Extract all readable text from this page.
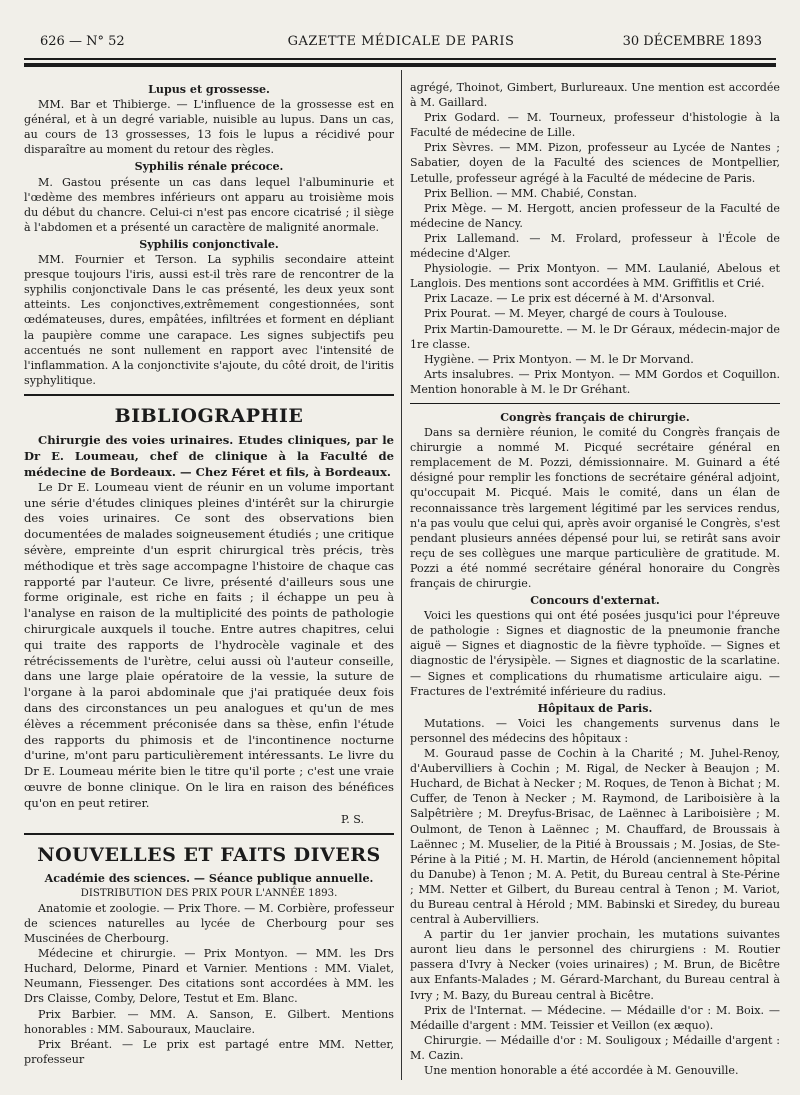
626 — N° 52	GAZETTE MÉDICALE DE PARIS	30 DÉCEMBRE 1893

Lupus et grossesse.

MM. Bar et Thibierge. — L'influence de la grossesse est en général, et à un degré variable, nuisible au lupus. Dans un cas, au cours de 13 grossesses, 13 fois le lupus a récidivé pour disparaître au moment du retour des règles.

Syphilis rénale précoce.

M. Gastou présente un cas dans lequel l'albuminurie et l'œdème des membres inférieurs ont apparu au troisième mois du début du chancre. Celui-ci n'est pas encore cicatrisé ; il siège à l'abdomen et a présenté un caractère de malignité anormale.

Syphilis conjonctivale.

MM. Fournier et Terson. La syphilis secondaire atteint presque toujours l'iris, aussi est-il très rare de rencontrer de la syphilis conjonctivale Dans le cas présenté, les deux yeux sont atteints. Les conjonctives,extrêmement congestionnées, sont œdémateuses, dures, empâtées, infiltrées et forment en dépliant la paupière comme une carapace. Les signes subjectifs peu accentués ne sont nullement en rapport avec l'intensité de l'inflammation. A la conjonctivite s'ajoute, du côté droit, de l'iritis syphylitique.

BIBLIOGRAPHIE

Chirurgie des voies urinaires. Etudes cliniques, par le Dr E. Loumeau, chef de clinique à la Faculté de médecine de Bordeaux. — Chez Féret et fils, à Bordeaux.

Le Dr E. Loumeau vient de réunir en un volume important une série d'études cliniques pleines d'intérêt sur la chirurgie des voies urinaires. Ce sont des observations bien documentées de malades soigneusement étudiés ; une critique sévère, empreinte d'un esprit chirurgical très précis, très méthodique et très sage accompagne l'histoire de chaque cas rapporté par l'auteur. Ce livre, présenté d'ailleurs sous une forme originale, est riche en faits ; il échappe un peu à l'analyse en raison de la multiplicité des points de pathologie chirurgicale auxquels il touche. Entre autres chapitres, celui qui traite des rapports de l'hydrocèle vaginale et des rétrécissements de l'urètre, celui aussi où l'auteur conseille, dans une large plaie opératoire de la vessie, la suture de l'organe à la paroi abdominale que j'ai pratiquée deux fois dans des circonstances un peu analogues et qu'un de mes élèves a récemment préconisée dans sa thèse, enfin l'étude des rapports du phimosis et de l'incontinence nocturne d'urine, m'ont paru particulièrement intéressants. Le livre du Dr E. Loumeau mérite bien le titre qu'il porte ; c'est une vraie œuvre de bonne clinique. On le lira en raison des bénéfices qu'on en peut retirer.

P. S.

NOUVELLES ET FAITS DIVERS

Académie des sciences. — Séance publique annuelle.

DISTRIBUTION DES PRIX POUR L'ANNÉE 1893.

Anatomie et zoologie. — Prix Thore. — M. Corbière, professeur de sciences naturelles au lycée de Cherbourg pour ses Muscinées de Cherbourg.

Médecine et chirurgie. — Prix Montyon. — MM. les Drs Huchard, Delorme, Pinard et Varnier. Mentions : MM. Vialet, Neumann, Fiessenger. Des citations sont accordées à MM. les Drs Claisse, Comby, Delore, Testut et Em. Blanc.

Prix Barbier. — MM. A. Sanson, E. Gilbert. Mentions honorables : MM. Sabouraux, Mauclaire.

Prix Bréant. — Le prix est partagé entre MM. Netter, professeur

agrégé, Thoinot, Gimbert, Burlureaux. Une mention est accordée à M. Gaillard.

Prix Godard. — M. Tourneux, professeur d'histologie à la Faculté de médecine de Lille.

Prix Sèvres. — MM. Pizon, professeur au Lycée de Nantes ; Sabatier, doyen de la Faculté des sciences de Montpellier, Letulle, professeur agrégé à la Faculté de médecine de Paris.

Prix Bellion. — MM. Chabié, Constan.

Prix Mège. — M. Hergott, ancien professeur de la Faculté de médecine de Nancy.

Prix Lallemand. — M. Frolard, professeur à l'École de médecine d'Alger.

Physiologie. — Prix Montyon. — MM. Laulanié, Abelous et Langlois. Des mentions sont accordées à MM. Griffitlis et Crié.

Prix Lacaze. — Le prix est décerné à M. d'Arsonval.

Prix Pourat. — M. Meyer, chargé de cours à Toulouse.

Prix Martin-Damourette. — M. le Dr Géraux, médecin-major de 1re classe.

Hygiène. — Prix Montyon. — M. le Dr Morvand.

Arts insalubres. — Prix Montyon. — MM Gordos et Coquillon. Mention honorable à M. le Dr Gréhant.

Congrès français de chirurgie.

Dans sa dernière réunion, le comité du Congrès français de chirurgie a nommé M. Picqué secrétaire général en remplacement de M. Pozzi, démissionnaire. M. Guinard a été désigné pour remplir les fonctions de secrétaire général adjoint, qu'occupait M. Picqué. Mais le comité, dans un élan de reconnaissance très largement légitimé par les services rendus, n'a pas voulu que celui qui, après avoir organisé le Congrès, s'est pendant plusieurs années dépensé pour lui, se retirât sans avoir reçu de ses collègues une marque particulière de gratitude. M. Pozzi a été nommé secrétaire général honoraire du Congrès français de chirurgie.

Concours d'externat.

Voici les questions qui ont été posées jusqu'ici pour l'épreuve de pathologie : Signes et diagnostic de la pneumonie franche aiguë — Signes et diagnostic de la fièvre typhoïde. — Signes et diagnostic de l'érysipèle. — Signes et diagnostic de la scarlatine. — Signes et complications du rhumatisme articulaire aigu. — Fractures de l'extrémité inférieure du radius.

Hôpitaux de Paris.

Mutations. — Voici les changements survenus dans le personnel des médecins des hôpitaux :

M. Gouraud passe de Cochin à la Charité ; M. Juhel-Renoy, d'Aubervilliers à Cochin ; M. Rigal, de Necker à Beaujon ; M. Huchard, de Bichat à Necker ; M. Roques, de Tenon à Bichat ; M. Cuffer, de Tenon à Necker ; M. Raymond, de Lariboisière à la Salpêtrière ; M. Dreyfus-Brisac, de Laënnec à Lariboisière ; M. Oulmont, de Tenon à Laënnec ; M. Chauffard, de Broussais à Laënnec ; M. Muselier, de la Pitié à Broussais ; M. Josias, de Ste-Périne à la Pitié ; M. H. Martin, de Hérold (anciennement hôpital du Danube) à Tenon ; M. A. Petit, du Bureau central à Ste-Périne ; MM. Netter et Gilbert, du Bureau central à Tenon ; M. Variot, du Bureau central à Hérold ; MM. Babinski et Siredey, du bureau central à Aubervilliers.

A partir du 1er janvier prochain, les mutations suivantes auront lieu dans le personnel des chirurgiens : M. Routier passera d'Ivry à Necker (voies urinaires) ; M. Brun, de Bicêtre aux Enfants-Malades ; M. Gérard-Marchant, du Bureau central à Ivry ; M. Bazy, du Bureau central à Bicêtre.

Prix de l'Internat. — Médecine. — Médaille d'or : M. Boix. — Médaille d'argent : MM. Teissier et Veillon (ex æquo).

Chirurgie. — Médaille d'or : M. Souligoux ; Médaille d'argent : M. Cazin.

Une mention honorable a été accordée à M. Genouville.
